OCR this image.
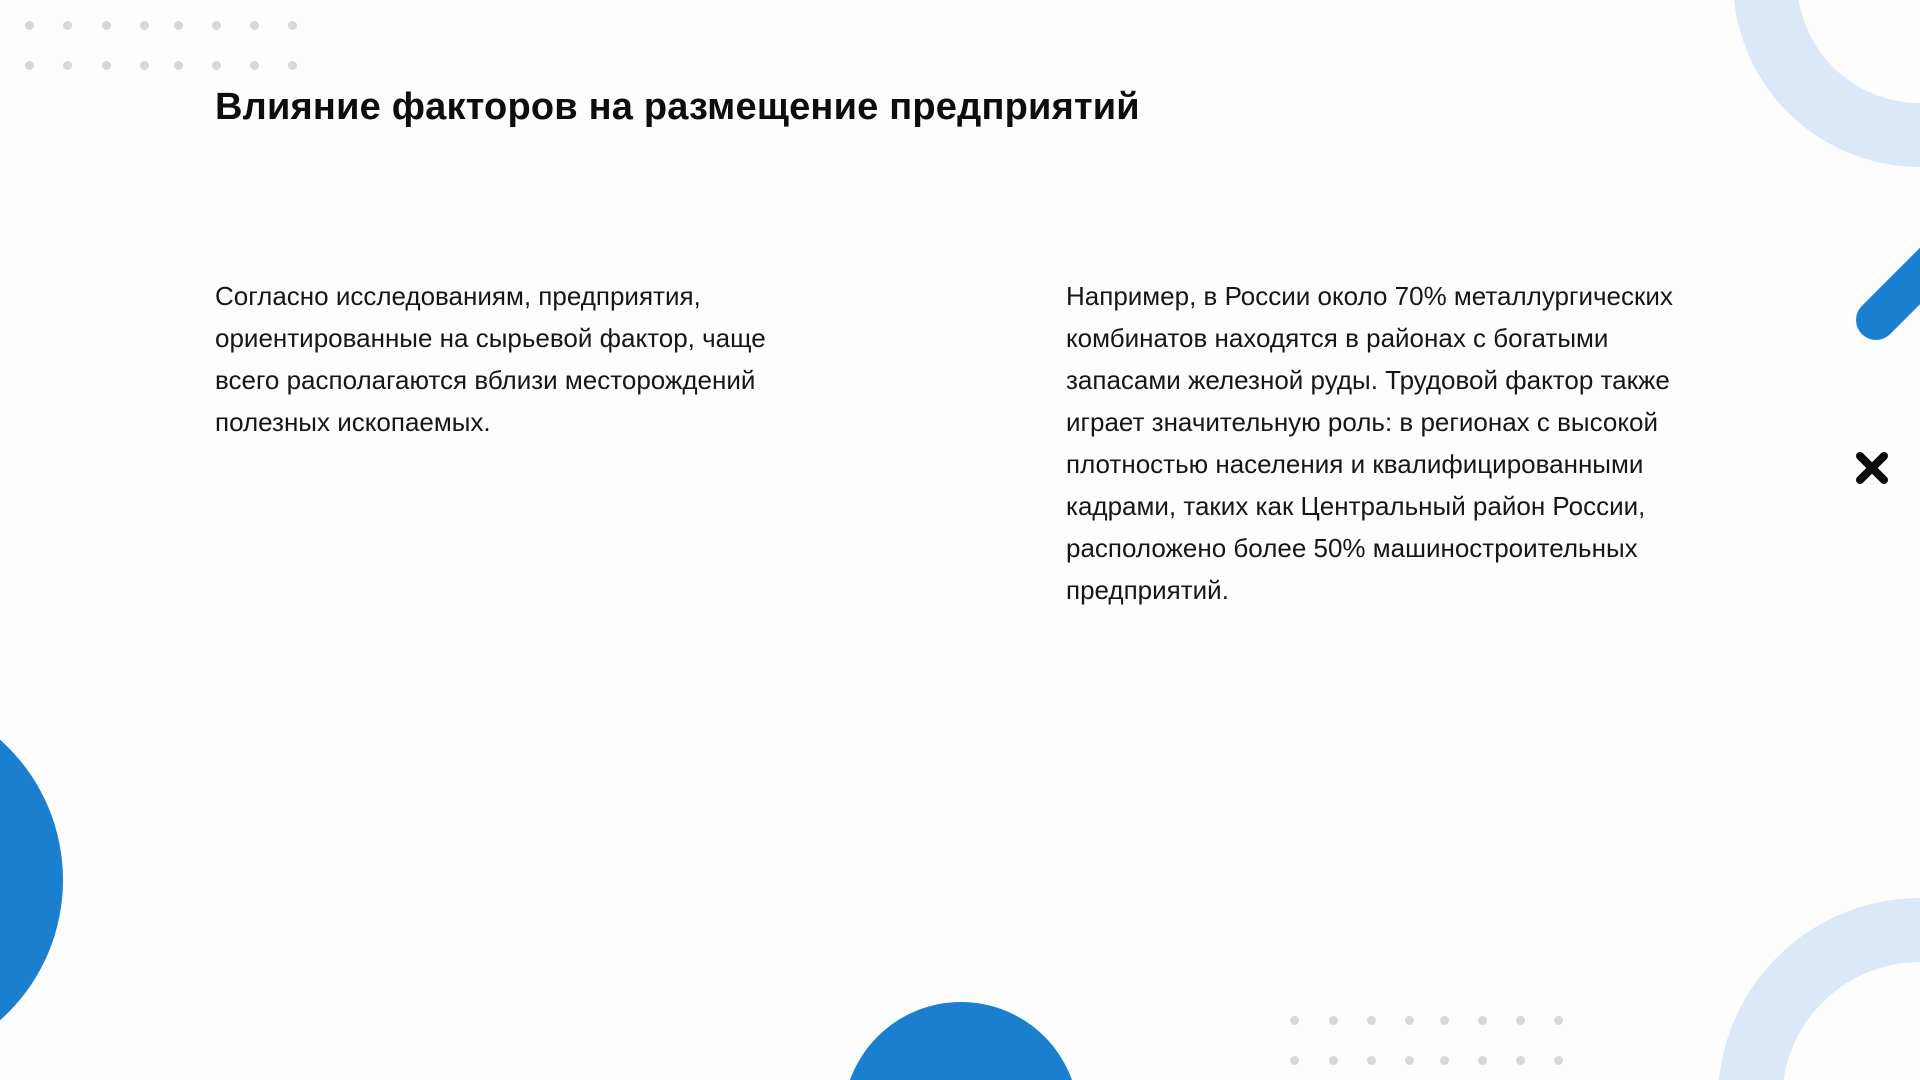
Влияние факторов на размещение предприятий

Согласно исследованиям, предприятия, ориентированные на сырьевой фактор, чаще всего располагаются вблизи месторождений полезных ископаемых.

Например, в России около 70% металлургических комбинатов находятся в районах с богатыми запасами железной руды. Трудовой фактор также играет значительную роль: в регионах с высокой плотностью населения и квалифицированными кадрами, таких как Центральный район России, расположено более 50% машиностроительных предприятий.
